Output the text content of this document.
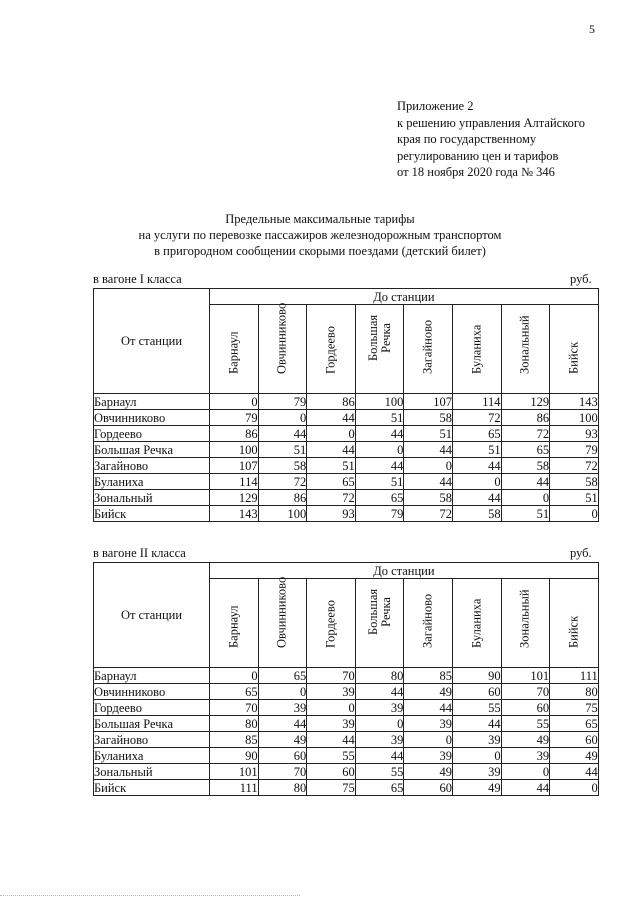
5
Приложение 2
к решению управления Алтайского
края по государственному
регулированию цен и тарифов
от 18 ноября 2020 года № 346
Предельные максимальные тарифы
на услуги по перевозке пассажиров железнодорожным транспортом
в пригородном сообщении скорыми поездами (детский билет)
в вагоне I класса	руб.
От станции	До станции							

	Барнаул	Овчинниково	Гордеево	Большая Речка	Загайново	Буланиха	Зональный	Бийск

Барнаул	0	79	86	100	107	114	129	143
Овчинниково	79	0	44	51	58	72	86	100
Гордеево	86	44	0	44	51	65	72	93
Большая Речка	100	51	44	0	44	51	65	79
Загайново	107	58	51	44	0	44	58	72
Буланиха	114	72	65	51	44	0	44	58
Зональный	129	86	72	65	58	44	0	51
Бийск	143	100	93	79	72	58	51	0
в вагоне II класса	руб.
От станции	До станции							

	Барнаул	Овчинниково	Гордеево	Большая Речка	Загайново	Буланиха	Зональный	Бийск

Барнаул	0	65	70	80	85	90	101	111
Овчинниково	65	0	39	44	49	60	70	80
Гордеево	70	39	0	39	44	55	60	75
Большая Речка	80	44	39	0	39	44	55	65
Загайново	85	49	44	39	0	39	49	60
Буланиха	90	60	55	44	39	0	39	49
Зональный	101	70	60	55	49	39	0	44
Бийск	111	80	75	65	60	49	44	0
